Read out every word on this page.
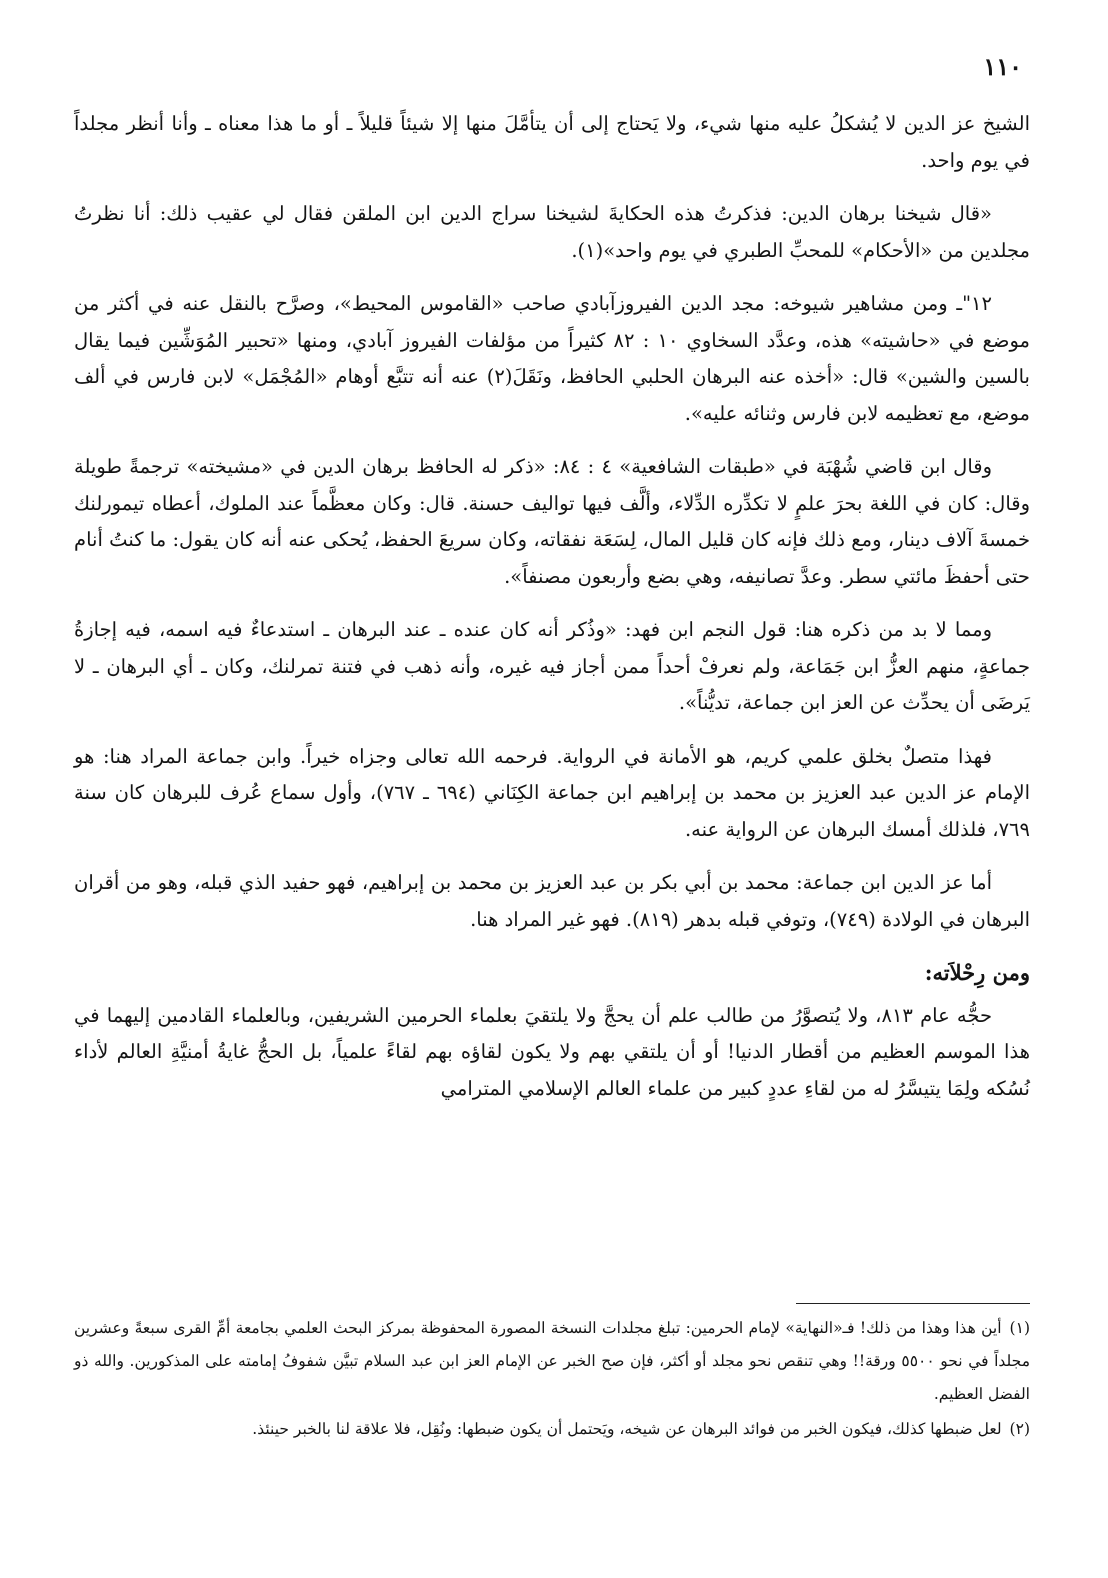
١١٠

الشيخ عز الدين لا يُشكلُ عليه منها شيء، ولا يَحتاج إلى أن يتأمَّلَ منها إلا شيئاً قليلاً ـ أو ما هذا معناه ـ وأنا أنظر مجلداً في يوم واحد.

«قال شيخنا برهان الدين: فذكرتُ هذه الحكايةَ لشيخنا سراج الدين ابن الملقن فقال لي عقيب ذلك: أنا نظرتُ مجلدين من «الأحكام» للمحبِّ الطبري في يوم واحد»(١).

١٢"ـ ومن مشاهير شيوخه: مجد الدين الفيروزآبادي صاحب «القاموس المحيط»، وصرَّح بالنقل عنه في أكثر من موضع في «حاشيته» هذه، وعدَّد السخاوي ١٠ : ٨٢ كثيراً من مؤلفات الفيروز آبادي، ومنها «تحبير المُوَشِّين فيما يقال بالسين والشين» قال: «أخذه عنه البرهان الحلبي الحافظ، ونَقَلَ(٢) عنه أنه تتبَّع أوهام «المُجْمَل» لابن فارس في ألف موضع، مع تعظيمه لابن فارس وثنائه عليه».

وقال ابن قاضي شُهْبَة في «طبقات الشافعية» ٤ : ٨٤: «ذكر له الحافظ برهان الدين في «مشيخته» ترجمةً طويلة وقال: كان في اللغة بحرَ علمٍ لا تكدِّره الدِّلاء، وألَّف فيها تواليف حسنة. قال: وكان معظَّماً عند الملوك، أعطاه تيمورلنك خمسةَ آلاف دينار، ومع ذلك فإنه كان قليل المال، لِسَعَة نفقاته، وكان سريعَ الحفظ، يُحكى عنه أنه كان يقول: ما كنتُ أنام حتى أحفظَ مائتي سطر. وعدَّ تصانيفه، وهي بضع وأربعون مصنفاً».

ومما لا بد من ذكره هنا: قول النجم ابن فهد: «وذُكر أنه كان عنده ـ عند البرهان ـ استدعاءٌ فيه اسمه، فيه إجازةُ جماعةٍ، منهم العزُّ ابن جَمَاعة، ولم نعرفْ أحداً ممن أجاز فيه غيره، وأنه ذهب في فتنة تمرلنك، وكان ـ أي البرهان ـ لا يَرضَى أن يحدِّث عن العز ابن جماعة، تديُّناً».

فهذا متصلٌ بخلق علمي كريم، هو الأمانة في الرواية. فرحمه الله تعالى وجزاه خيراً. وابن جماعة المراد هنا: هو الإمام عز الدين عبد العزيز بن محمد بن إبراهيم ابن جماعة الكِنَاني (٦٩٤ ـ ٧٦٧)، وأول سماع عُرف للبرهان كان سنة ٧٦٩، فلذلك أمسك البرهان عن الرواية عنه.

أما عز الدين ابن جماعة: محمد بن أبي بكر بن عبد العزيز بن محمد بن إبراهيم، فهو حفيد الذي قبله، وهو من أقران البرهان في الولادة (٧٤٩)، وتوفي قبله بدهر (٨١٩). فهو غير المراد هنا.

ومن رِحْلاَته:

حجُّه عام ٨١٣، ولا يُتصوَّرُ من طالب علم أن يحجَّ ولا يلتقيَ بعلماء الحرمين الشريفين، وبالعلماء القادمين إليهما في هذا الموسم العظيم من أقطار الدنيا! أو أن يلتقي بهم ولا يكون لقاؤه بهم لقاءً علمياً، بل الحجُّ غايةُ أمنيَّةِ العالم لأداء نُسُكه ولِمَا يتيسَّرُ له من لقاءِ عددٍ كبير من علماء العالم الإسلامي المترامي

(١)أين هذا وهذا من ذلك! فـ«النهاية» لإمام الحرمين: تبلغ مجلدات النسخة المصورة المحفوظة بمركز البحث العلمي بجامعة أمِّ القرى سبعةً وعشرين مجلداً في نحو ٥٥٠٠ ورقة!! وهي تنقص نحو مجلد أو أكثر، فإن صح الخبر عن الإمام العز ابن عبد السلام تبيَّن شفوفُ إمامته على المذكورين. والله ذو الفضل العظيم.
(٢)لعل ضبطها كذلك، فيكون الخبر من فوائد البرهان عن شيخه، ويَحتمل أن يكون ضبطها: ونُقِل، فلا علاقة لنا بالخبر حينئذ.
